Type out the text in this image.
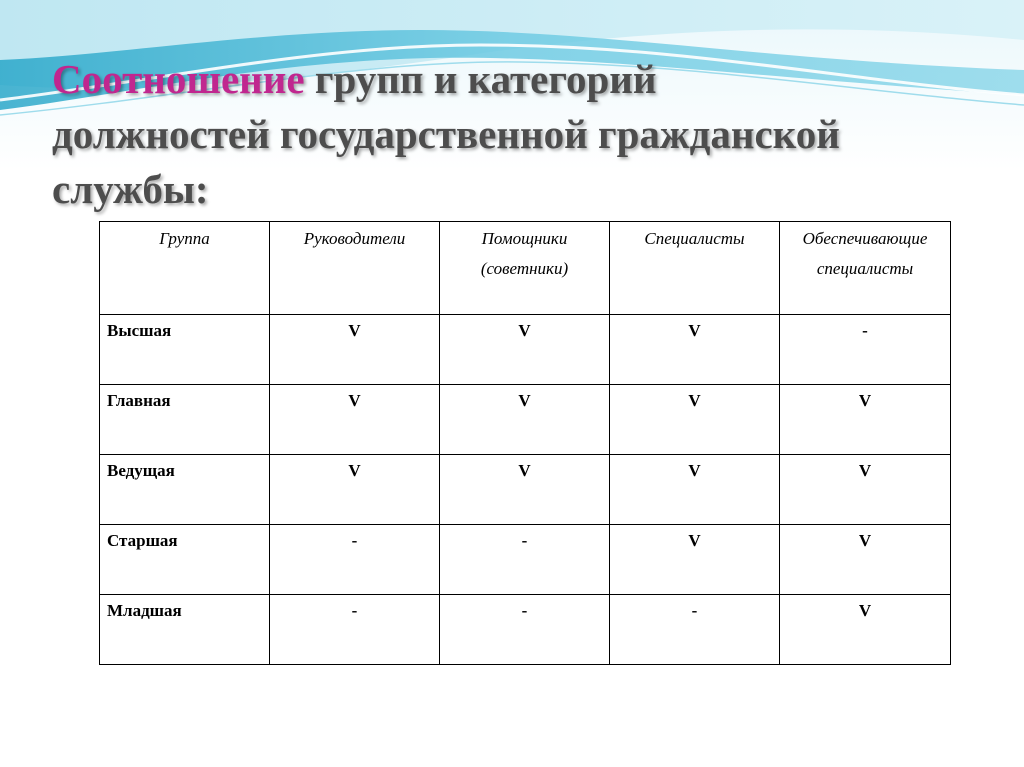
Соотношение групп и категорий
должностей государственной гражданской
службы:
Группа	Руководители	Помощники (советники)	Специалисты	Обеспечивающие специалисты
Высшая	V	V	V	-
Главная	V	V	V	V
Ведущая	V	V	V	V
Старшая	-	-	V	V
Младшая	-	-	-	V
